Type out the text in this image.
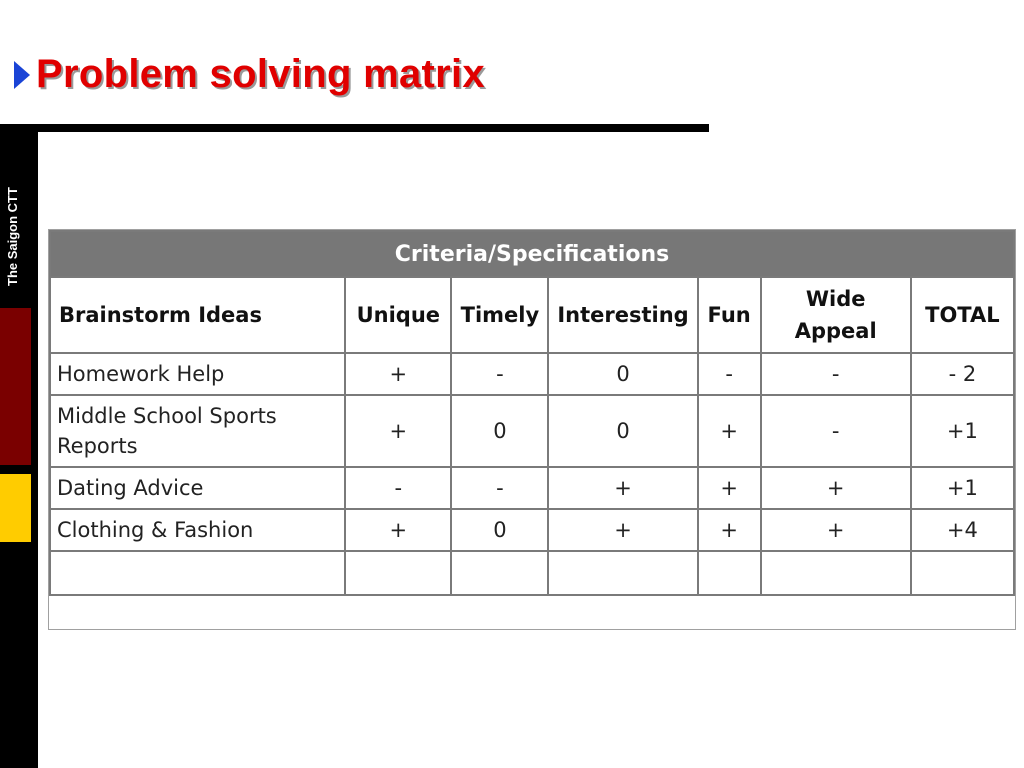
Problem solving matrix
The Saigon CTT	Criteria/Specifications						
Brainstorm Ideas	Unique	Timely	Interesting	Fun	Wide Appeal	TOTAL
Homework Help	+	-	0	-	-	- 2
Middle School Sports Reports	+	0	0	+	-	+1
Dating Advice	-	-	+	+	+	+1
Clothing & Fashion	+	0	+	+	+	+4
